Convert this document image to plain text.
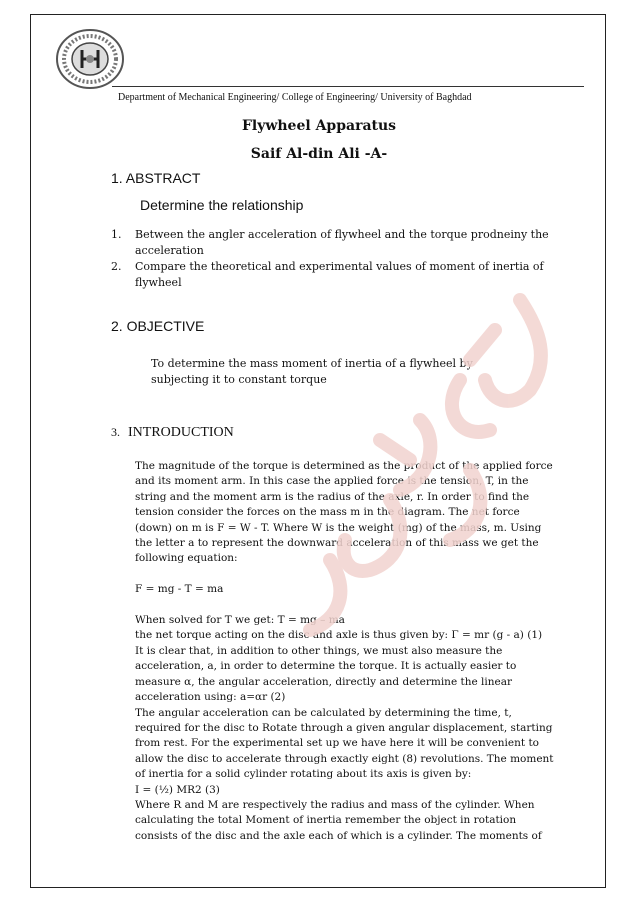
Department of Mechanical Engineering/ College of Engineering/ University of Baghdad
Flywheel Apparatus
Saif Al-din Ali -A-
1. ABSTRACT
Determine the relationship
1. Between the angler acceleration of flywheel and the torque prodneiny the acceleration
2. Compare the theoretical and experimental values of moment of inertia of flywheel
2. OBJECTIVE
To determine the mass moment of inertia of a flywheel by subjecting it to constant torque
3. INTRODUCTION
The magnitude of the torque is determined as the product of the applied force
and its moment arm. In this case the applied force is the tension, T, in the
string and the moment arm is the radius of the axle, r. In order to find the
tension consider the forces on the mass m in the diagram. The net force
(down) on m is F = W - T. Where W is the weight (mg) of the mass, m. Using
the letter a to represent the downward acceleration of this mass we get the
following equation:

F = mg - T = ma

When solved for T we get: T = mg – ma
the net torque acting on the disc and axle is thus given by: Γ = mr (g - a) (1)
It is clear that, in addition to other things, we must also measure the
acceleration, a, in order to determine the torque. It is actually easier to
measure α, the angular acceleration, directly and determine the linear
acceleration using: a=αr (2)
The angular acceleration can be calculated by determining the time, t,
required for the disc to Rotate through a given angular displacement, starting
from rest. For the experimental set up we have here it will be convenient to
allow the disc to accelerate through exactly eight (8) revolutions. The moment
of inertia for a solid cylinder rotating about its axis is given by:
I = (½) MR2 (3)
Where R and M are respectively the radius and mass of the cylinder. When
calculating the total Moment of inertia remember the object in rotation
consists of the disc and the axle each of which is a cylinder. The moments of
